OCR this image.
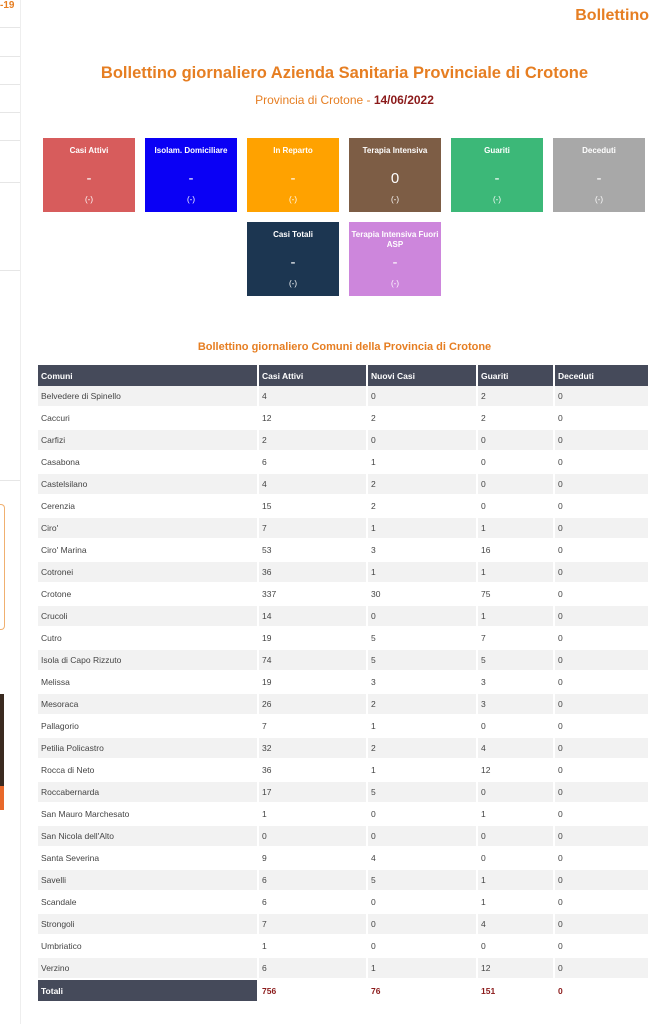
-19
Bollettino
Bollettino giornaliero Azienda Sanitaria Provinciale di Crotone
Provincia di Crotone - 14/06/2022
Casi Attivi
-
(-)
Isolam. Domiciliare
-
(-)
In Reparto
-
(-)
Terapia Intensiva
0
(-)
Guariti
-
(-)
Deceduti
-
(-)
Casi Totali
-
(-)
Terapia Intensiva Fuori ASP
-
(-)
Bollettino giornaliero Comuni della Provincia di Crotone
Comuni	Casi Attivi	Nuovi Casi	Guariti	Deceduti
Belvedere di Spinello	4	0	2	0
Caccuri	12	2	2	0
Carfizi	2	0	0	0
Casabona	6	1	0	0
Castelsilano	4	2	0	0
Cerenzia	15	2	0	0
Ciro'	7	1	1	0
Ciro' Marina	53	3	16	0
Cotronei	36	1	1	0
Crotone	337	30	75	0
Crucoli	14	0	1	0
Cutro	19	5	7	0
Isola di Capo Rizzuto	74	5	5	0
Melissa	19	3	3	0
Mesoraca	26	2	3	0
Pallagorio	7	1	0	0
Petilia Policastro	32	2	4	0
Rocca di Neto	36	1	12	0
Roccabernarda	17	5	0	0
San Mauro Marchesato	1	0	1	0
San Nicola dell'Alto	0	0	0	0
Santa Severina	9	4	0	0
Savelli	6	5	1	0
Scandale	6	0	1	0
Strongoli	7	0	4	0
Umbriatico	1	0	0	0
Verzino	6	1	12	0
Totali	756	76	151	0
